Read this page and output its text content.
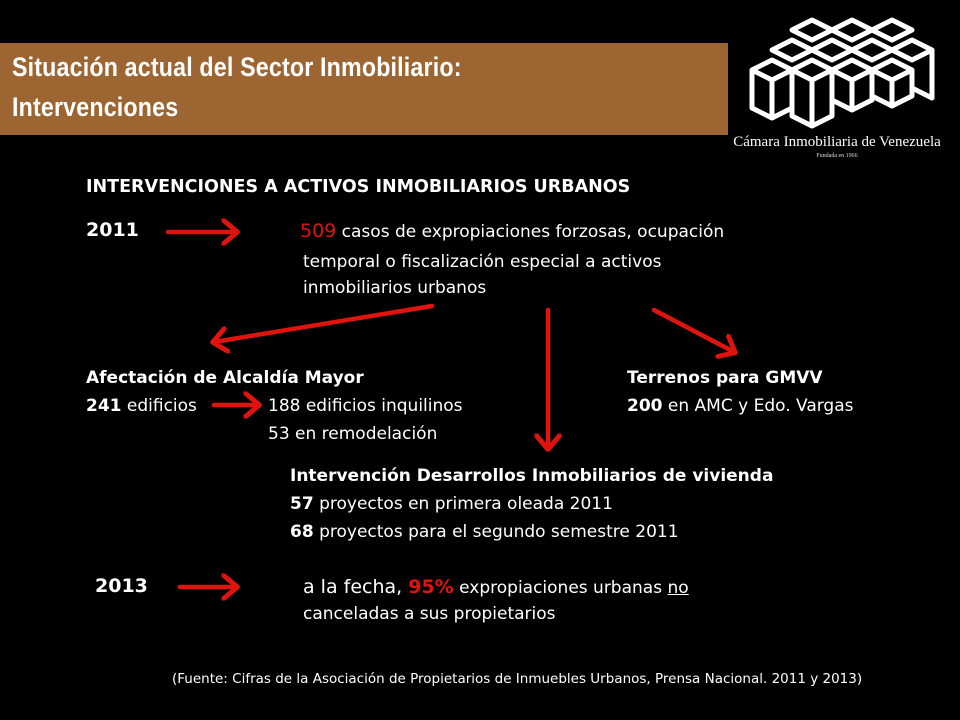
Situación actual del Sector Inmobiliario:
Intervenciones
Cámara Inmobiliaria de Venezuela
Fundada en 1966
INTERVENCIONES A ACTIVOS INMOBILIARIOS URBANOS
2011	509 casos de expropiaciones forzosas, ocupación
temporal o fiscalización especial a activos
inmobiliarios urbanos
Afectación de Alcaldía Mayor
241 edificios	188 edificios inquilinos
53 en remodelación
Terrenos para GMVV
200 en AMC y Edo. Vargas
Intervención Desarrollos Inmobiliarios de vivienda
57 proyectos en primera oleada 2011
68 proyectos para el segundo semestre 2011
2013	a la fecha, 95% expropiaciones urbanas no
canceladas a sus propietarios
(Fuente: Cifras de la Asociación de Propietarios de Inmuebles Urbanos, Prensa Nacional. 2011 y 2013)
